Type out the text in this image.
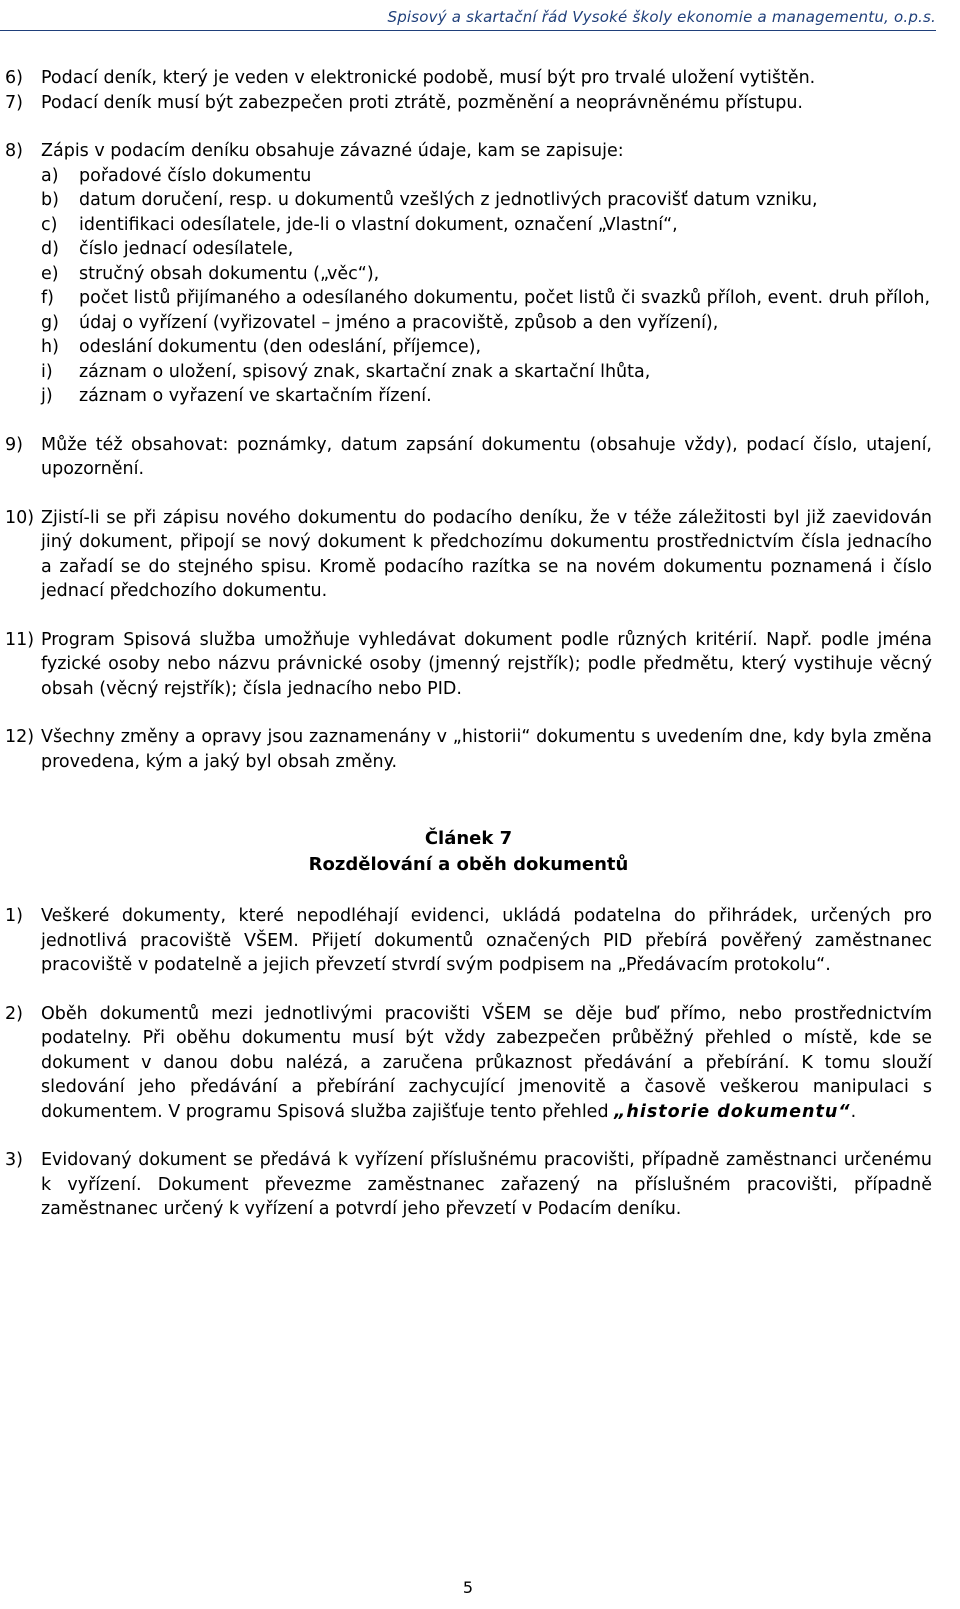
Spisový a skartační řád Vysoké školy ekonomie a managementu, o.p.s.
6)	Podací deník, který je veden v elektronické podobě, musí být pro trvalé uložení vytištěn.
7)	Podací deník musí být zabezpečen proti ztrátě, pozměnění a neoprávněnému přístupu.
8)	Zápis v podacím deníku obsahuje závazné údaje, kam se zapisuje:
a)	pořadové číslo dokumentu
b)	datum doručení, resp. u dokumentů vzešlých z jednotlivých pracovišť datum vzniku,
c)	identifikaci odesílatele, jde-li o vlastní dokument, označení „Vlastní“,
d)	číslo jednací odesílatele,
e)	stručný obsah dokumentu („věc“),
f)	počet listů přijímaného a odesílaného dokumentu, počet listů či svazků příloh, event. druh příloh,
g)	údaj o vyřízení (vyřizovatel – jméno a pracoviště, způsob a den vyřízení),
h)	odeslání dokumentu (den odeslání, příjemce),
i)	záznam o uložení, spisový znak, skartační znak a skartační lhůta,
j)	záznam o vyřazení ve skartačním řízení.
9)	Může též obsahovat: poznámky, datum zapsání dokumentu (obsahuje vždy), podací číslo, utajení, upozornění.
10) Zjistí-li se při zápisu nového dokumentu do podacího deníku, že v téže záležitosti byl již zaevidován jiný dokument, připojí se nový dokument k předchozímu dokumentu prostřednictvím čísla jednacího a zařadí se do stejného spisu. Kromě podacího razítka se na novém dokumentu poznamená i číslo jednací předchozího dokumentu.
11) Program Spisová služba umožňuje vyhledávat dokument podle různých kritérií. Např. podle jména fyzické osoby nebo názvu právnické osoby (jmenný rejstřík); podle předmětu, který vystihuje věcný obsah (věcný rejstřík); čísla jednacího nebo PID.
12) Všechny změny a opravy jsou zaznamenány v „historii“ dokumentu s uvedením dne, kdy byla změna provedena, kým a jaký byl obsah změny.
Článek 7
Rozdělování a oběh dokumentů
1)	Veškeré dokumenty, které nepodléhají evidenci, ukládá podatelna do přihrádek, určených pro jednotlivá pracoviště VŠEM. Přijetí dokumentů označených PID přebírá pověřený zaměstnanec pracoviště v podatelně a jejich převzetí stvrdí svým podpisem na „Předávacím protokolu“.
2)	Oběh dokumentů mezi jednotlivými pracovišti VŠEM se děje buď přímo, nebo prostřednictvím podatelny. Při oběhu dokumentu musí být vždy zabezpečen průběžný přehled o místě, kde se dokument v danou dobu nalézá, a zaručena průkaznost předávání a přebírání. K tomu slouží sledování jeho předávání a přebírání zachycující jmenovitě a časově veškerou manipulaci s dokumentem. V programu Spisová služba zajišťuje tento přehled „historie dokumentu“.
3)	Evidovaný dokument se předává k vyřízení příslušnému pracovišti, případně zaměstnanci určenému k vyřízení. Dokument převezme zaměstnanec zařazený na příslušném pracovišti, případně zaměstnanec určený k vyřízení a potvrdí jeho převzetí v Podacím deníku.
5
